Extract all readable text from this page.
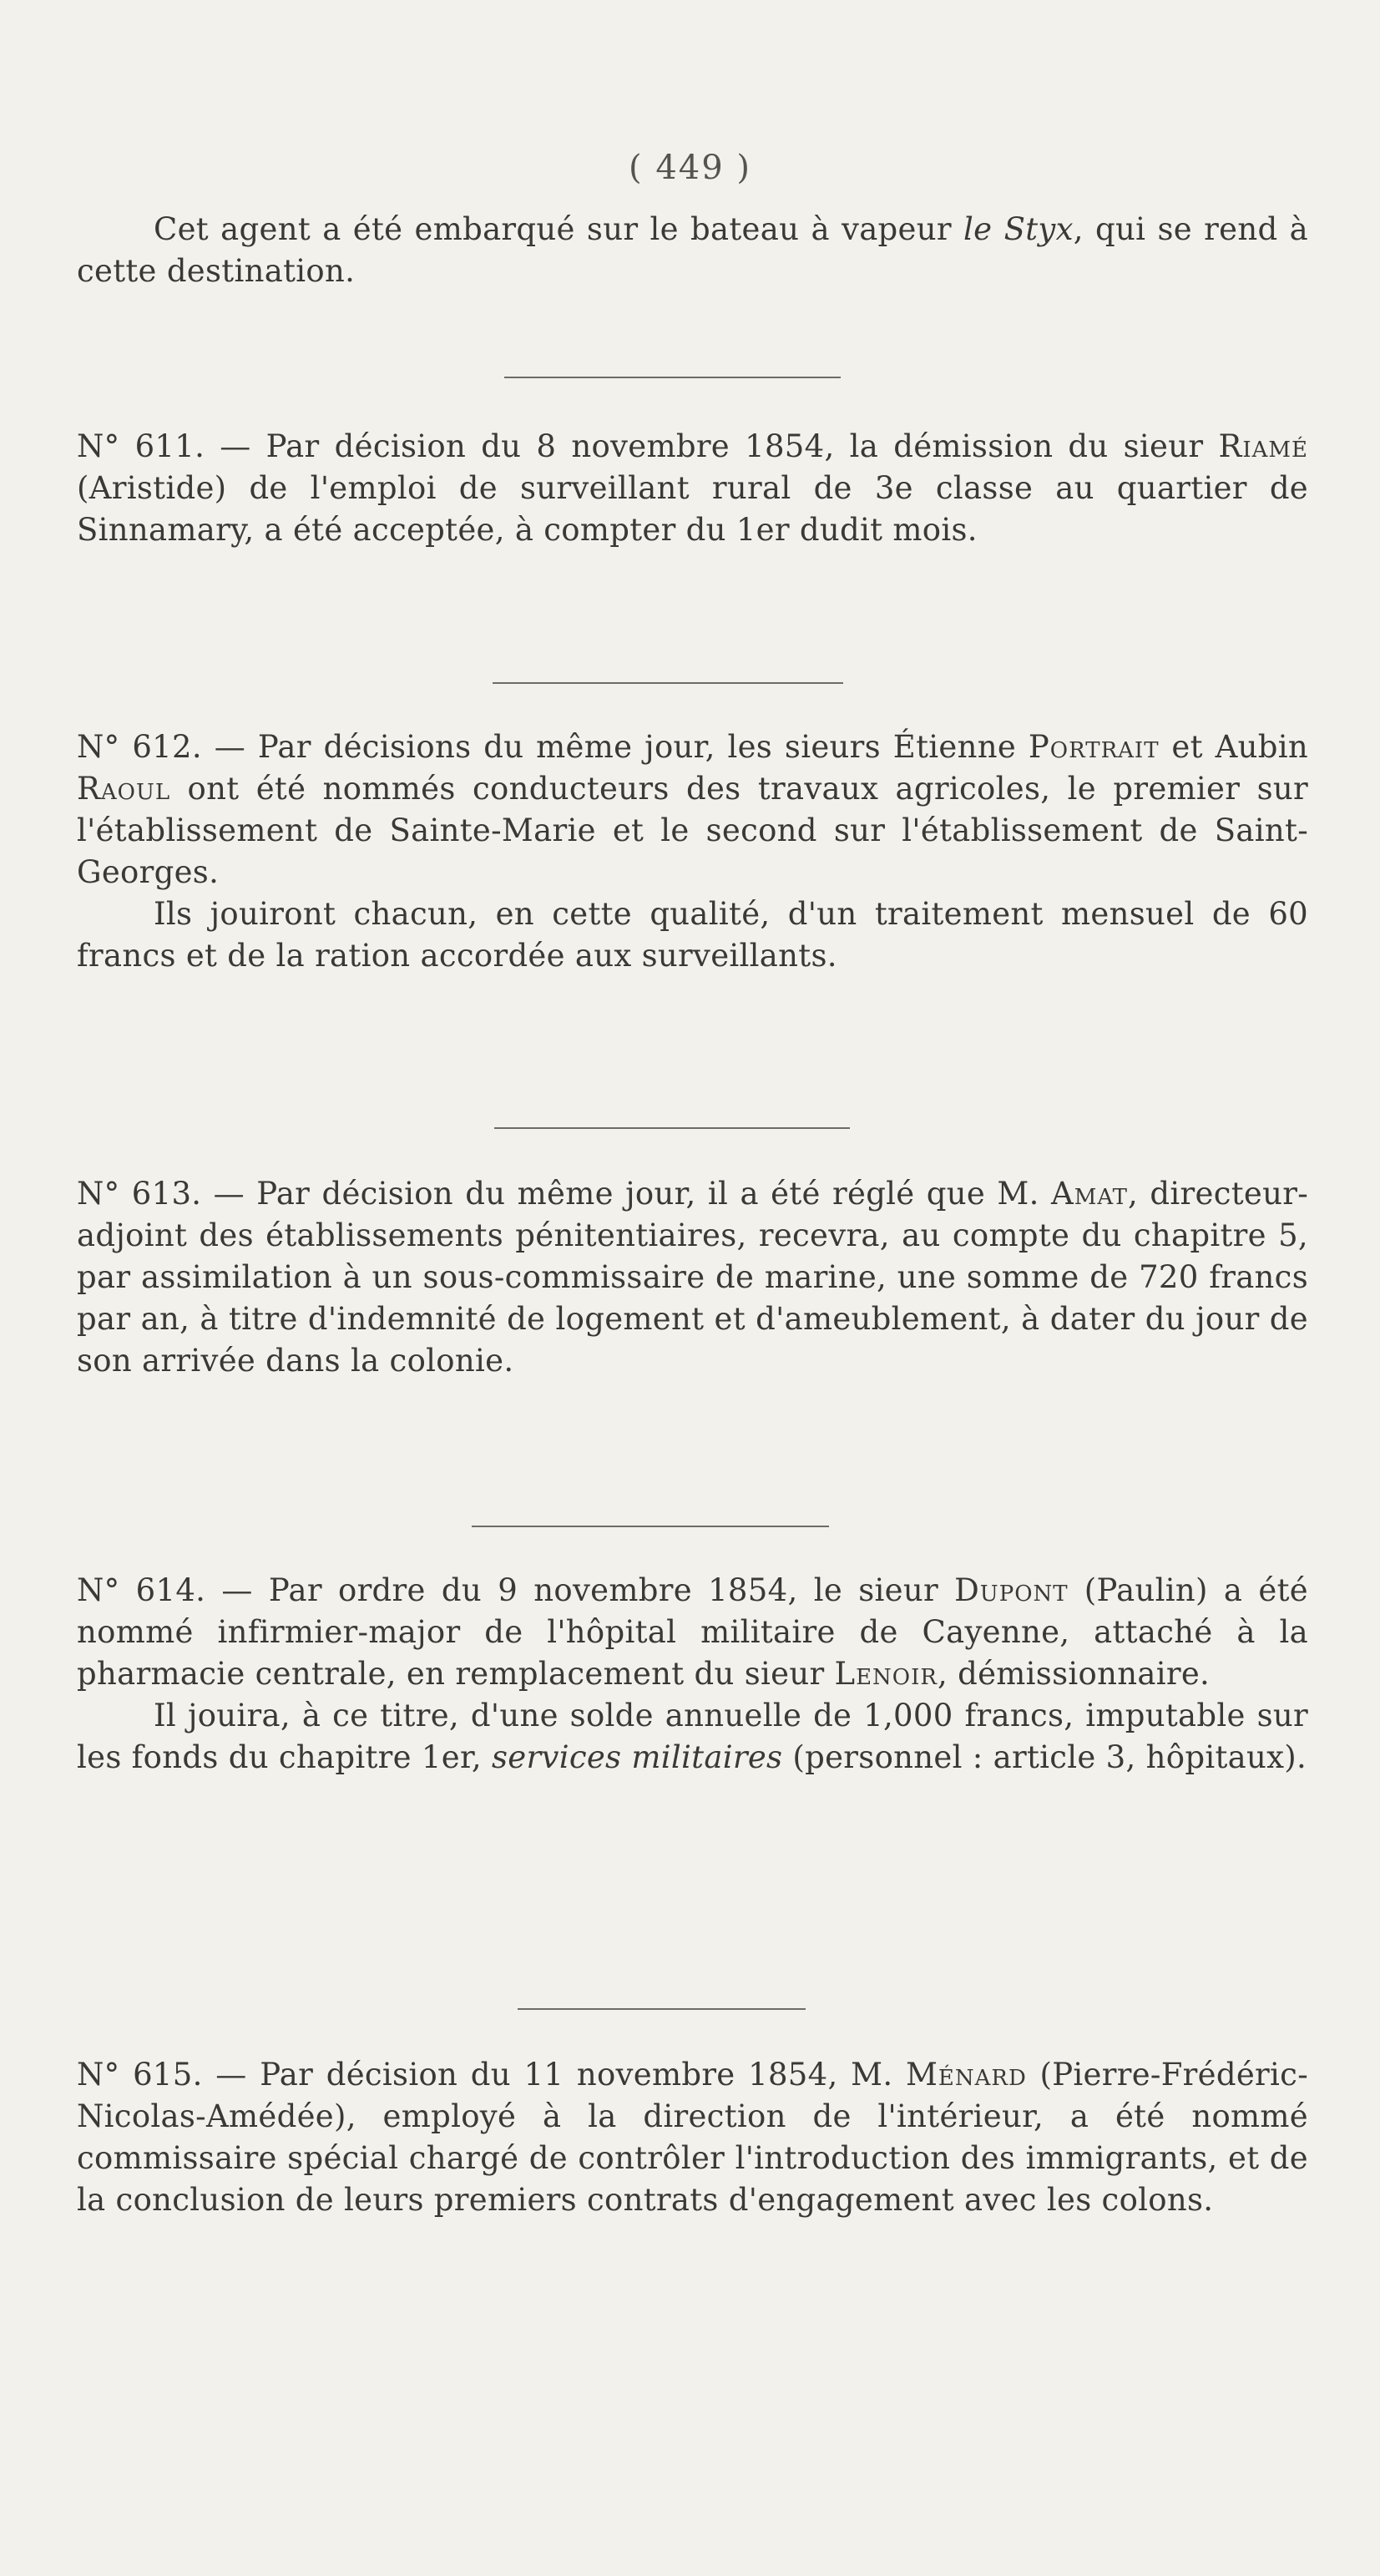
( 449 )

Cet agent a été embarqué sur le bateau à vapeur le Styx, qui se rend à cette destination.

N° 611. — Par décision du 8 novembre 1854, la démission du sieur Riamé (Aristide) de l'emploi de surveillant rural de 3e classe au quartier de Sinnamary, a été acceptée, à compter du 1er dudit mois.

N° 612. — Par décisions du même jour, les sieurs Étienne Portrait et Aubin Raoul ont été nommés conducteurs des travaux agricoles, le premier sur l'établissement de Sainte-Marie et le second sur l'établissement de Saint-Georges.

Ils jouiront chacun, en cette qualité, d'un traitement mensuel de 60 francs et de la ration accordée aux surveillants.

N° 613. — Par décision du même jour, il a été réglé que M. Amat, directeur-adjoint des établissements pénitentiaires, recevra, au compte du chapitre 5, par assimilation à un sous-commissaire de marine, une somme de 720 francs par an, à titre d'indemnité de logement et d'ameublement, à dater du jour de son arrivée dans la colonie.

N° 614. — Par ordre du 9 novembre 1854, le sieur Dupont (Paulin) a été nommé infirmier-major de l'hôpital militaire de Cayenne, attaché à la pharmacie centrale, en remplacement du sieur Lenoir, démissionnaire.

Il jouira, à ce titre, d'une solde annuelle de 1,000 francs, imputable sur les fonds du chapitre 1er, services militaires (personnel : article 3, hôpitaux).

N° 615. — Par décision du 11 novembre 1854, M. Ménard (Pierre-Frédéric-Nicolas-Amédée), employé à la direction de l'intérieur, a été nommé commissaire spécial chargé de contrôler l'introduction des immigrants, et de la conclusion de leurs premiers contrats d'engagement avec les colons.
